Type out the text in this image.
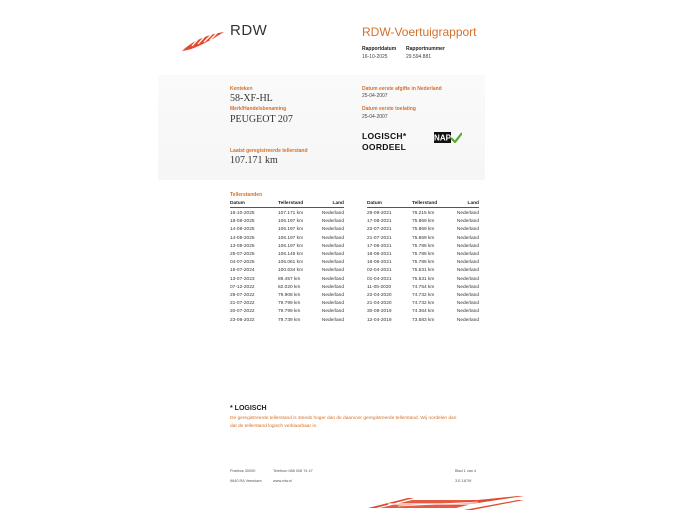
RDW	RDW-Voertuigrapport
Rapportdatum
16-10-2025
Rapportnummer
29.594.881
Kenteken
58-XF-HL
Merk/Handelsbenaming
PEUGEOT 207
Laatst geregistreerde tellerstand
107.171 km
Datum eerste afgifte in Nederland
25-04-2007
Datum eerste toelating
25-04-2007
LOGISCH*
OORDEEL
NAP
Tellerstanden
Datum	Tellerstand	Land
16-10-2025	107.171 km	Nederland
18-08-2025	106.197 km	Nederland
14-08-2025	106.197 km	Nederland
14-08-2025	106.197 km	Nederland
13-08-2025	106.197 km	Nederland
25-07-2025	106.145 km	Nederland
04-07-2025	106.061 km	Nederland
15-07-2024	100.634 km	Nederland
13-07-2023	89.457 km	Nederland
07-12-2022	82.020 km	Nederland
29-07-2022	79.908 km	Nederland
21-07-2022	79.799 km	Nederland
20-07-2022	79.799 km	Nederland
23-06-2022	79.739 km	Nederland
Datum	Tellerstand	Land
29-09-2021	76.215 km	Nederland
17-08-2021	75.869 km	Nederland
22-07-2021	75.869 km	Nederland
21-07-2021	75.869 km	Nederland
17-06-2021	75.785 km	Nederland
16-06-2021	75.785 km	Nederland
16-06-2021	75.785 km	Nederland
02-04-2021	75.531 km	Nederland
01-04-2021	75.531 km	Nederland
11-05-2020	74.754 km	Nederland
22-04-2020	74.732 km	Nederland
21-04-2020	74.732 km	Nederland
30-08-2019	74.364 km	Nederland
12-04-2019	73.583 km	Nederland
* LOGISCH
De geregistreerde tellerstand is steeds hoger dan de daarvoor geregistreerde tellerstand. Wij oordelen dan
dat de tellerstand logisch verklaarbaar is.
Postbus 30000
9640 RA Veendam
Telefoon 088 008 74 47
www.rdw.nl
Blad 1 van 4
3.E.1670f
